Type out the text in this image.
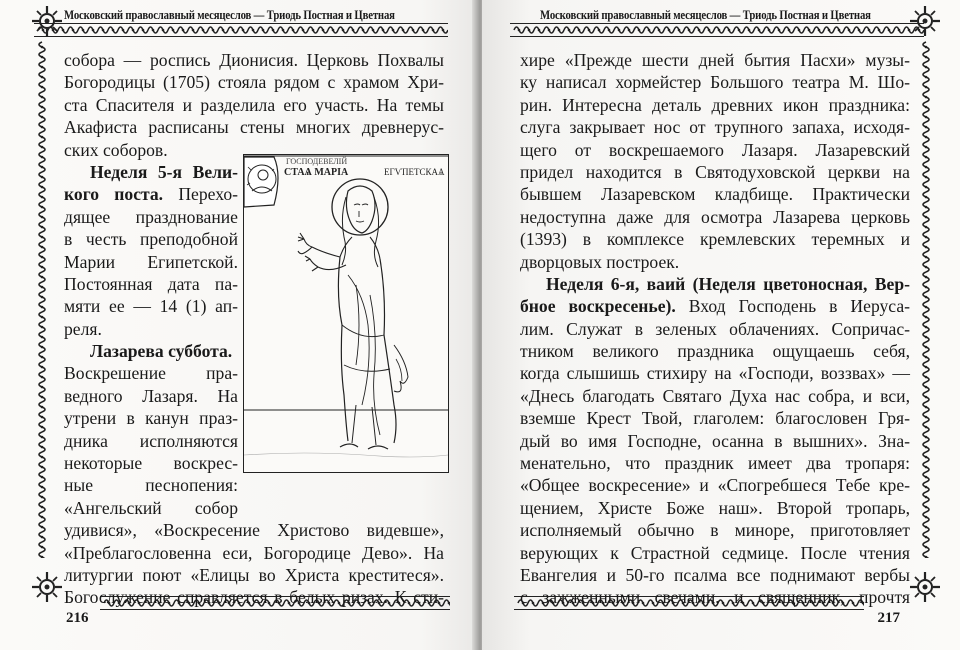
Московский православный месяцеслов — Триодь Постная и Цветная
собора — роспись Дионисия. Церковь Похвалы
Богородицы (1705) стояла рядом с храмом Хри-
ста Спасителя и разделила его участь. На темы
Акафиста расписаны стены многих древнерус-
ских соборов.
Неделя 5-я Вели-
кого поста. Перехо-
дящее празднование
в честь преподобной
Марии Египетской.
Постоянная дата па-
мяти ее — 14 (1) ап-
реля.
Лазарева суббота.
Воскрешение пра-
ведного Лазаря. На
утрени в канун праз-
дника исполняются
некоторые воскрес-
ные песнопения:
«Ангельский собор
удивися», «Воскресение Христово видевше»,
«Преблагословенна еси, Богородице Дево». На
литургии поют «Елицы во Христа креститеся».
Богослужение справляется в белых ризах. К сти-
ГОСПОДЕВЕЛІЙ
СТАѦ МАРІА	ЕГѴПЕТСКАѦ
216
Московский православный месяцеслов — Триодь Постная и Цветная
хире «Прежде шести дней бытия Пасхи» музы-
ку написал хормейстер Большого театра М. Шо-
рин. Интересна деталь древних икон праздника:
слуга закрывает нос от трупного запаха, исходя-
щего от воскрешаемого Лазаря. Лазаревский
придел находится в Святодуховской церкви на
бывшем Лазаревском кладбище. Практически
недоступна даже для осмотра Лазарева церковь
(1393) в комплексе кремлевских теремных и
дворцовых построек.
Неделя 6-я, ваий (Неделя цветоносная, Вер-
бное воскресенье). Вход Господень в Иеруса-
лим. Служат в зеленых облачениях. Сопричас-
тником великого праздника ощущаешь себя,
когда слышишь стихиру на «Господи, воззвах» —
«Днесь благодать Святаго Духа нас собра, и вси,
вземше Крест Твой, глаголем: благословен Гря-
дый во имя Господне, осанна в вышних». Зна-
менательно, что праздник имеет два тропаря:
«Общее воскресение» и «Спогребшеся Тебе кре-
щением, Христе Боже наш». Второй тропарь,
исполняемый обычно в миноре, приготовляет
верующих к Страстной седмице. После чтения
Евангелия и 50-го псалма все поднимают вербы
с зажженными свечами, и священник, прочтя
217
